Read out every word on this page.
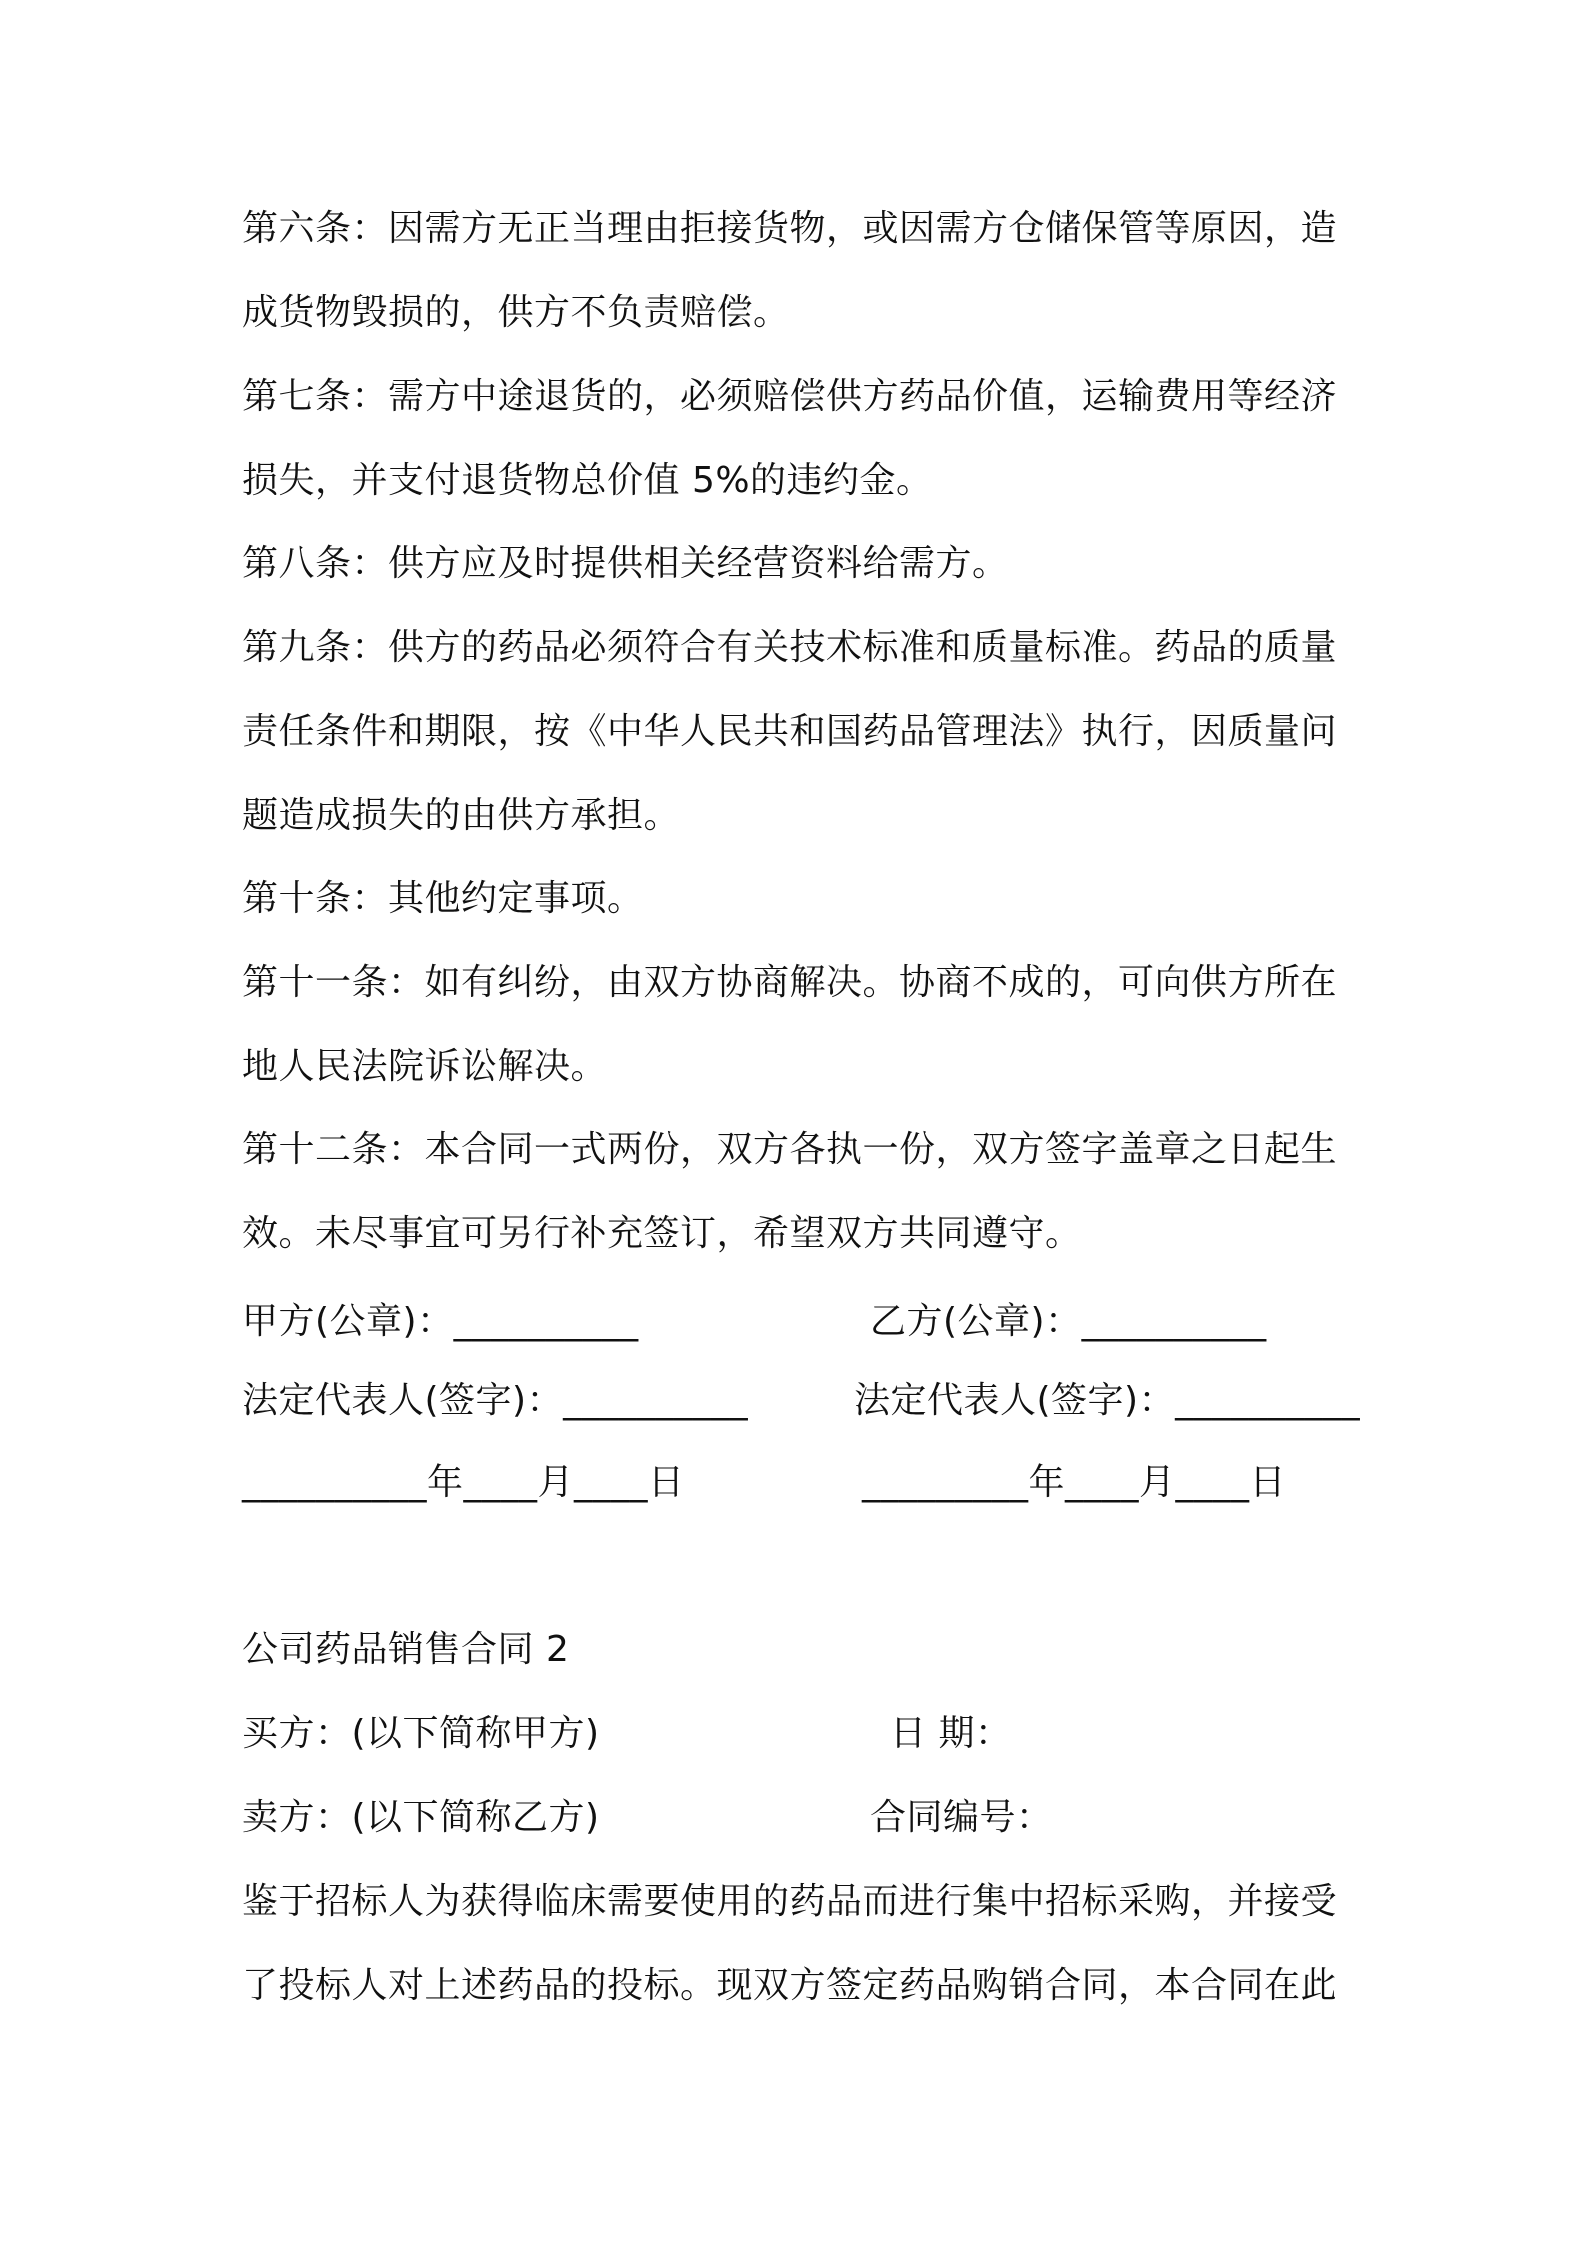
第六条：因需方无正当理由拒接货物，或因需方仓储保管等原因，造
成货物毁损的，供方不负责赔偿。
第七条：需方中途退货的，必须赔偿供方药品价值，运输费用等经济
损失，并支付退货物总价值 5%的违约金。
第八条：供方应及时提供相关经营资料给需方。
第九条：供方的药品必须符合有关技术标准和质量标准。药品的质量
责任条件和期限，按《中华人民共和国药品管理法》执行，因质量问
题造成损失的由供方承担。
第十条：其他约定事项。
第十一条：如有纠纷，由双方协商解决。协商不成的，可向供方所在
地人民法院诉讼解决。
第十二条：本合同一式两份，双方各执一份，双方签字盖章之日起生
效。未尽事宜可另行补充签订，希望双方共同遵守。
甲方(公章)：__________	乙方(公章)：__________
法定代表人(签字)：__________	法定代表人(签字)：__________
__________年____月____日	_________年____月____日
公司药品销售合同 2
买方：(以下简称甲方)	日 期：
卖方：(以下简称乙方)	合同编号：
鉴于招标人为获得临床需要使用的药品而进行集中招标采购，并接受
了投标人对上述药品的投标。现双方签定药品购销合同，本合同在此
